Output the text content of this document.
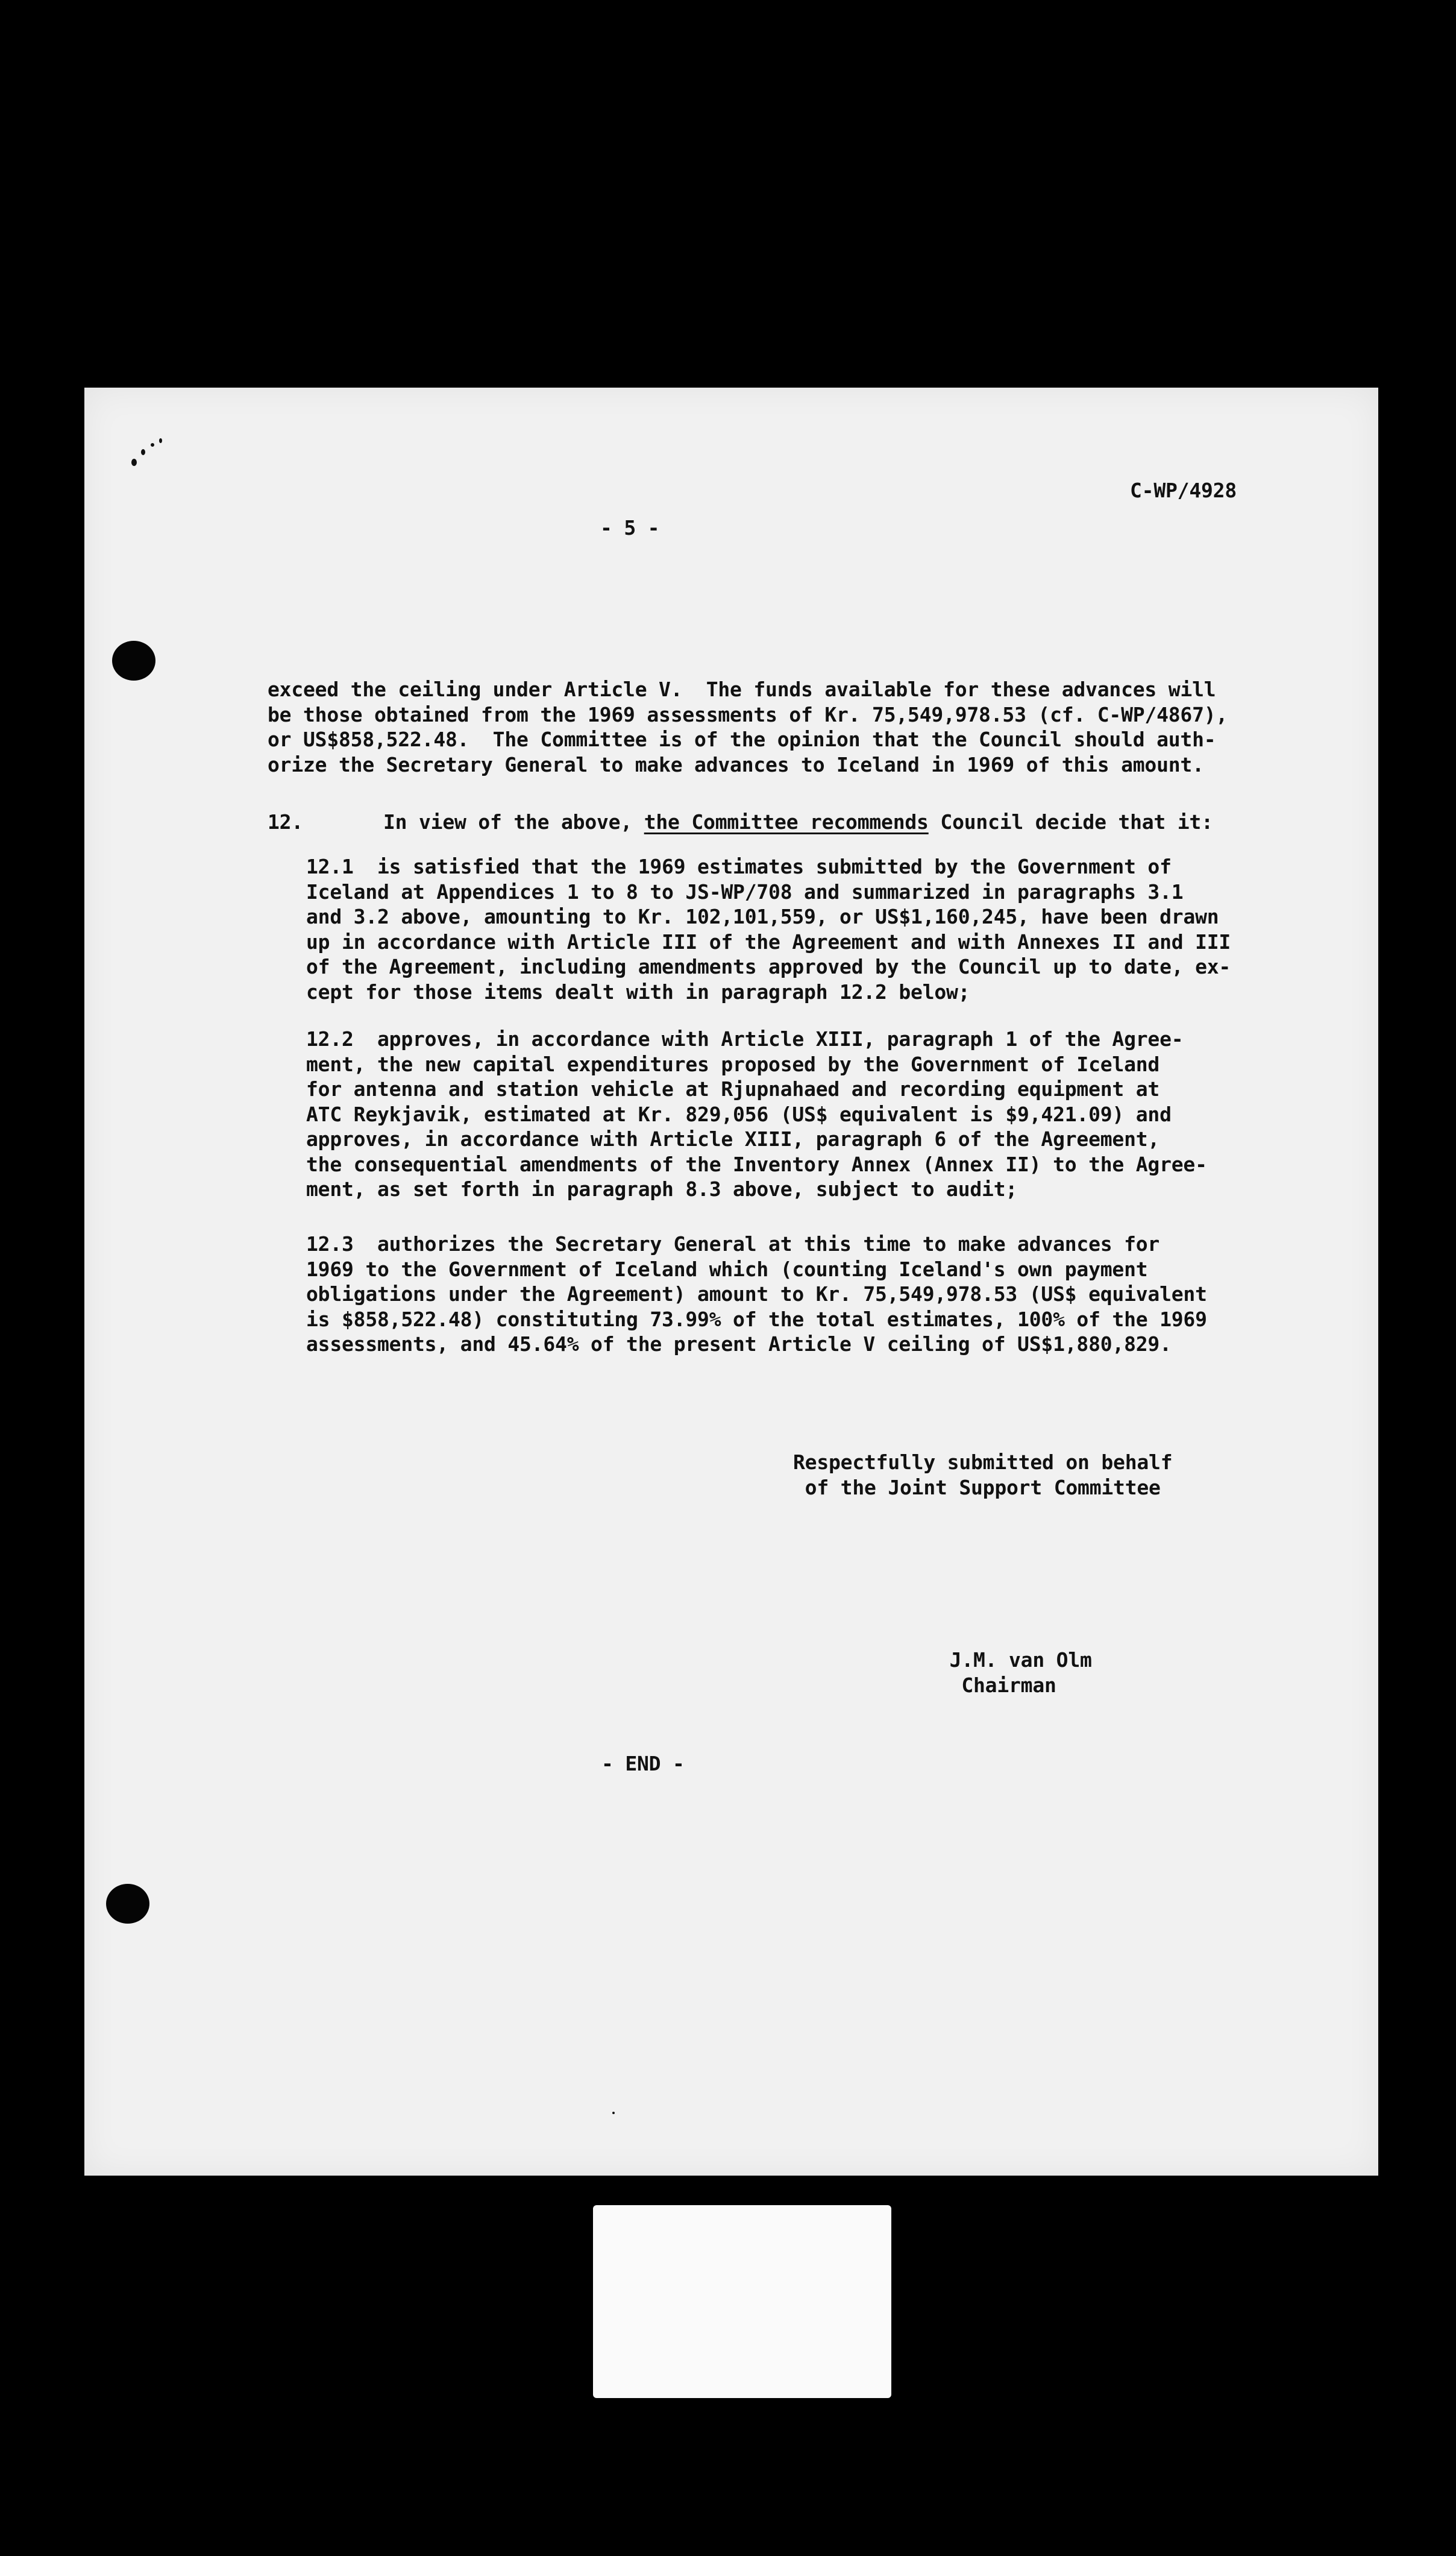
C-WP/4928
- 5 -
exceed the ceiling under Article V.  The funds available for these advances will
be those obtained from the 1969 assessments of Kr. 75,549,978.53 (cf. C-WP/4867),
or US$858,522.48.  The Committee is of the opinion that the Council should auth-
orize the Secretary General to make advances to Iceland in 1969 of this amount.
12.	In view of the above, the Committee recommends Council decide that it:
12.1  is satisfied that the 1969 estimates submitted by the Government of
Iceland at Appendices 1 to 8 to JS-WP/708 and summarized in paragraphs 3.1
and 3.2 above, amounting to Kr. 102,101,559, or US$1,160,245, have been drawn
up in accordance with Article III of the Agreement and with Annexes II and III
of the Agreement, including amendments approved by the Council up to date, ex-
cept for those items dealt with in paragraph 12.2 below;
12.2  approves, in accordance with Article XIII, paragraph 1 of the Agree-
ment, the new capital expenditures proposed by the Government of Iceland
for antenna and station vehicle at Rjupnahaed and recording equipment at
ATC Reykjavik, estimated at Kr. 829,056 (US$ equivalent is $9,421.09) and
approves, in accordance with Article XIII, paragraph 6 of the Agreement,
the consequential amendments of the Inventory Annex (Annex II) to the Agree-
ment, as set forth in paragraph 8.3 above, subject to audit;
12.3  authorizes the Secretary General at this time to make advances for
1969 to the Government of Iceland which (counting Iceland's own payment
obligations under the Agreement) amount to Kr. 75,549,978.53 (US$ equivalent
is $858,522.48) constituting 73.99% of the total estimates, 100% of the 1969
assessments, and 45.64% of the present Article V ceiling of US$1,880,829.
Respectfully submitted on behalf
of the Joint Support Committee
J.M. van Olm
Chairman
- END -
